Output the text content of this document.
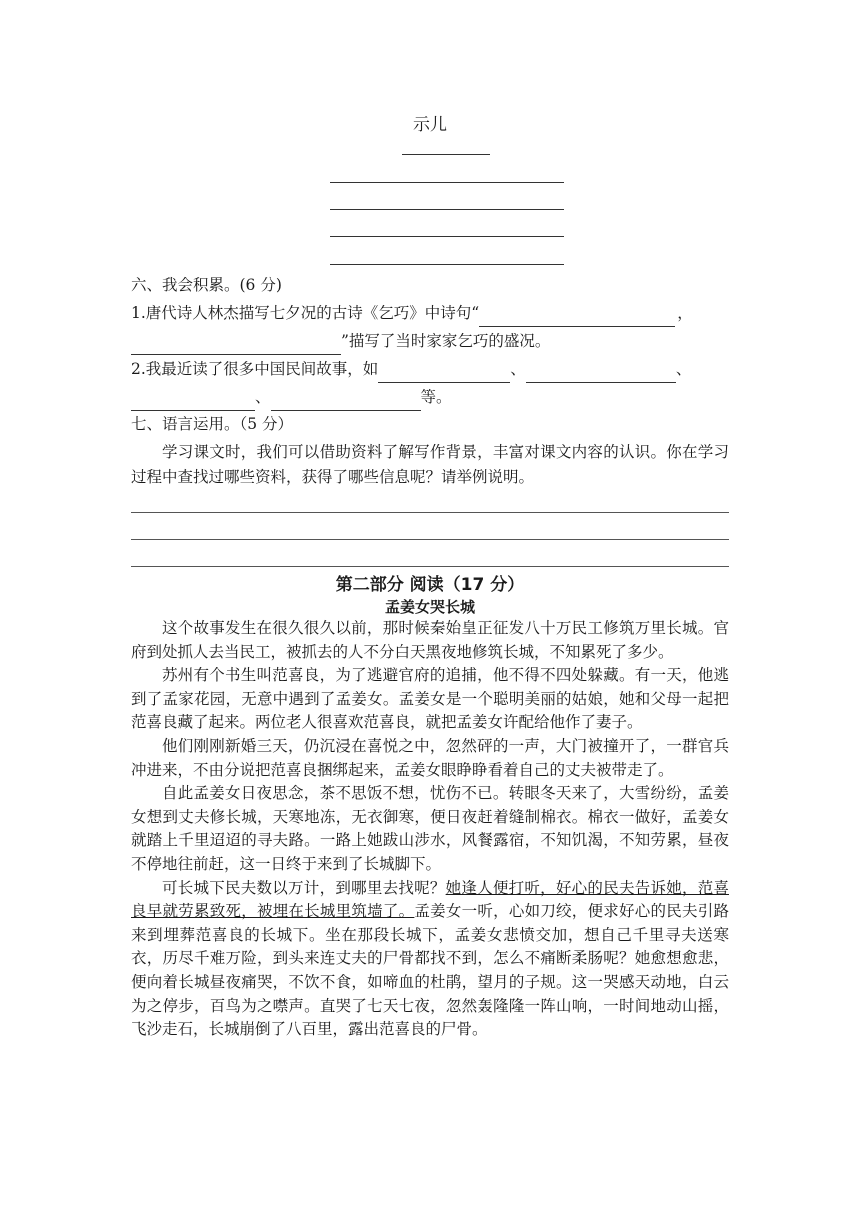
示儿
六、我会积累。(6 分)
1.唐代诗人林杰描写七夕况的古诗《乞巧》中诗句“	，
”描写了当时家家乞巧的盛况。
2.我最近读了很多中国民间故事，如	、	、
、	等。
七、语言运用。（5 分）
学习课文时，我们可以借助资料了解写作背景，丰富对课文内容的认识。你在学习过程中查找过哪些资料，获得了哪些信息呢？请举例说明。
第二部分 阅读（17 分）
孟姜女哭长城

这个故事发生在很久很久以前，那时候秦始皇正征发八十万民工修筑万里长城。官府到处抓人去当民工，被抓去的人不分白天黑夜地修筑长城，不知累死了多少。

苏州有个书生叫范喜良，为了逃避官府的追捕，他不得不四处躲藏。有一天，他逃到了孟家花园，无意中遇到了孟姜女。孟姜女是一个聪明美丽的姑娘，她和父母一起把范喜良藏了起来。两位老人很喜欢范喜良，就把孟姜女许配给他作了妻子。

他们刚刚新婚三天，仍沉浸在喜悦之中，忽然砰的一声，大门被撞开了，一群官兵冲进来，不由分说把范喜良捆绑起来，孟姜女眼睁睁看着自己的丈夫被带走了。

自此孟姜女日夜思念，茶不思饭不想，忧伤不已。转眼冬天来了，大雪纷纷，孟姜女想到丈夫修长城，天寒地冻，无衣御寒，便日夜赶着缝制棉衣。棉衣一做好，孟姜女就踏上千里迢迢的寻夫路。一路上她跋山涉水，风餐露宿，不知饥渴，不知劳累，昼夜不停地往前赶，这一日终于来到了长城脚下。

可长城下民夫数以万计，到哪里去找呢？她逢人便打听，好心的民夫告诉她，范喜良早就劳累致死，被埋在长城里筑墙了。孟姜女一听，心如刀绞，便求好心的民夫引路来到埋葬范喜良的长城下。坐在那段长城下，孟姜女悲愤交加，想自己千里寻夫送寒衣，历尽千难万险，到头来连丈夫的尸骨都找不到，怎么不痛断柔肠呢？她愈想愈悲，便向着长城昼夜痛哭，不饮不食，如啼血的杜鹃，望月的子规。这一哭感天动地，白云为之停步，百鸟为之噤声。直哭了七天七夜，忽然轰隆隆一阵山响，一时间地动山摇，飞沙走石，长城崩倒了八百里，露出范喜良的尸骨。
